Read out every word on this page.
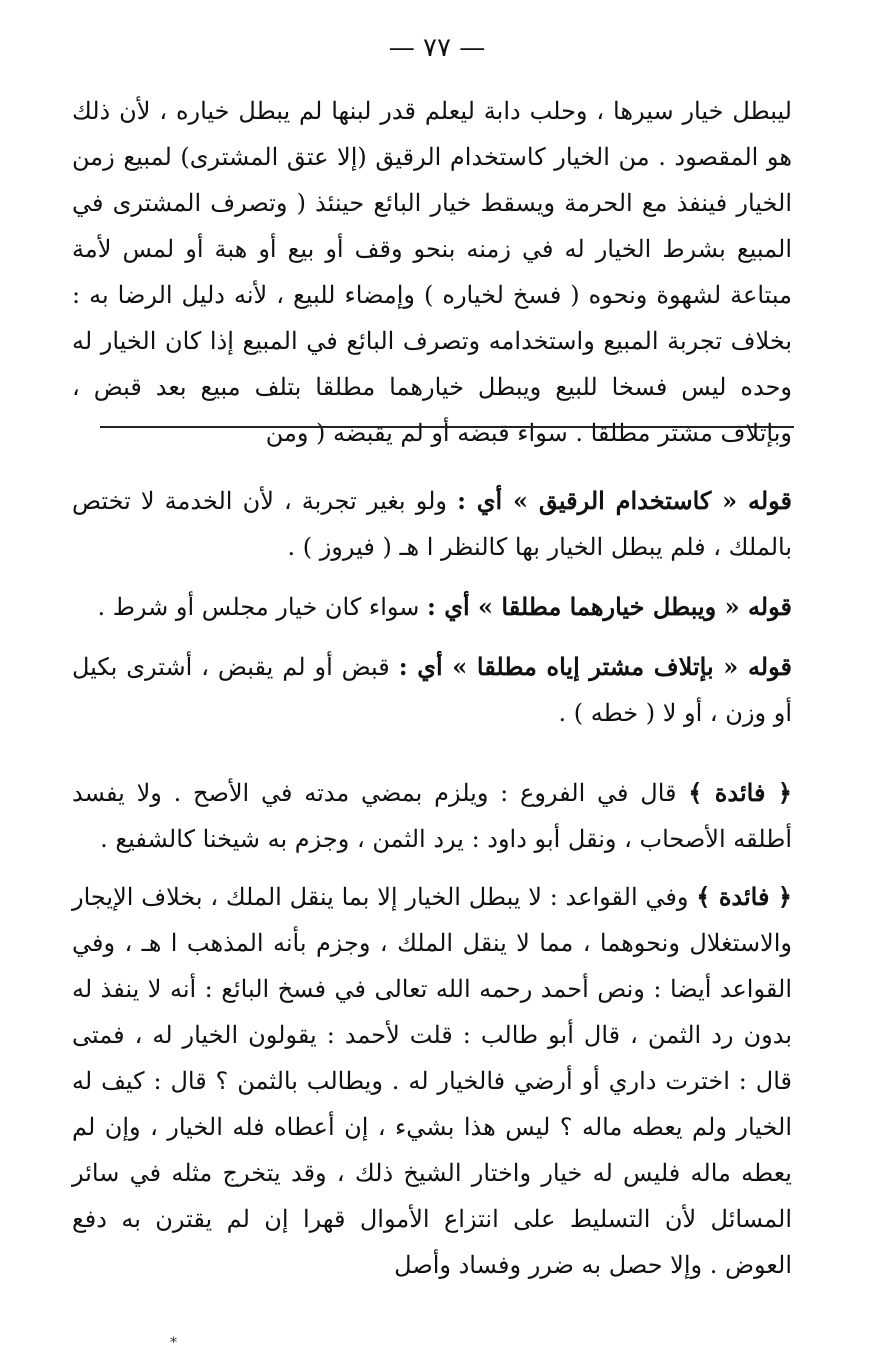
— ٧٧ —
ليبطل خيار سيرها ، وحلب دابة ليعلم قدر لبنها لم يبطل خياره ، لأن ذلك هو المقصود . من الخيار كاستخدام الرقيق (إلا عتق المشترى) لمبيع زمن الخيار فينفذ مع الحرمة ويسقط خيار البائع حينئذ ( وتصرف المشترى في المبيع بشرط الخيار له في زمنه بنحو وقف أو بيع أو هبة أو لمس لأمة مبتاعة لشهوة ونحوه ( فسخ لخياره ) وإمضاء للبيع ، لأنه دليل الرضا به : بخلاف تجربة المبيع واستخدامه وتصرف البائع في المبيع إذا كان الخيار له وحده ليس فسخا للبيع ويبطل خيارهما مطلقا بتلف مبيع بعد قبض ، وبإتلاف مشتر مطلقا . سواء قبضه أو لم يقبضه ( ومن

قوله « كاستخدام الرقيق » أي : ولو بغير تجربة ، لأن الخدمة لا تختص بالملك ، فلم يبطل الخيار بها كالنظر ا هـ ( فيروز ) .

قوله « ويبطل خيارهما مطلقا » أي : سواء كان خيار مجلس أو شرط .

قوله « بإتلاف مشتر إياه مطلقا » أي : قبض أو لم يقبض ، أشترى بكيل أو وزن ، أو لا ( خطه ) .

﴿ فائدة ﴾ قال في الفروع : ويلزم بمضي مدته في الأصح . ولا يفسد أطلقه الأصحاب ، ونقل أبو داود : يرد الثمن ، وجزم به شيخنا كالشفيع .

﴿ فائدة ﴾ وفي القواعد : لا يبطل الخيار إلا بما ينقل الملك ، بخلاف الإيجار والاستغلال ونحوهما ، مما لا ينقل الملك ، وجزم بأنه المذهب ا هـ ، وفي القواعد أيضا : ونص أحمد رحمه الله تعالى في فسخ البائع : أنه لا ينفذ له بدون رد الثمن ، قال أبو طالب : قلت لأحمد : يقولون الخيار له ، فمتى قال : اخترت داري أو أرضي فالخيار له . ويطالب بالثمن ؟ قال : كيف له الخيار ولم يعطه ماله ؟ ليس هذا بشيء ، إن أعطاه فله الخيار ، وإن لم يعطه ماله فليس له خيار واختار الشيخ ذلك ، وقد يتخرج مثله في سائر المسائل لأن التسليط على انتزاع الأموال قهرا إن لم يقترن به دفع العوض . وإلا حصل به ضرر وفساد وأصل

*
